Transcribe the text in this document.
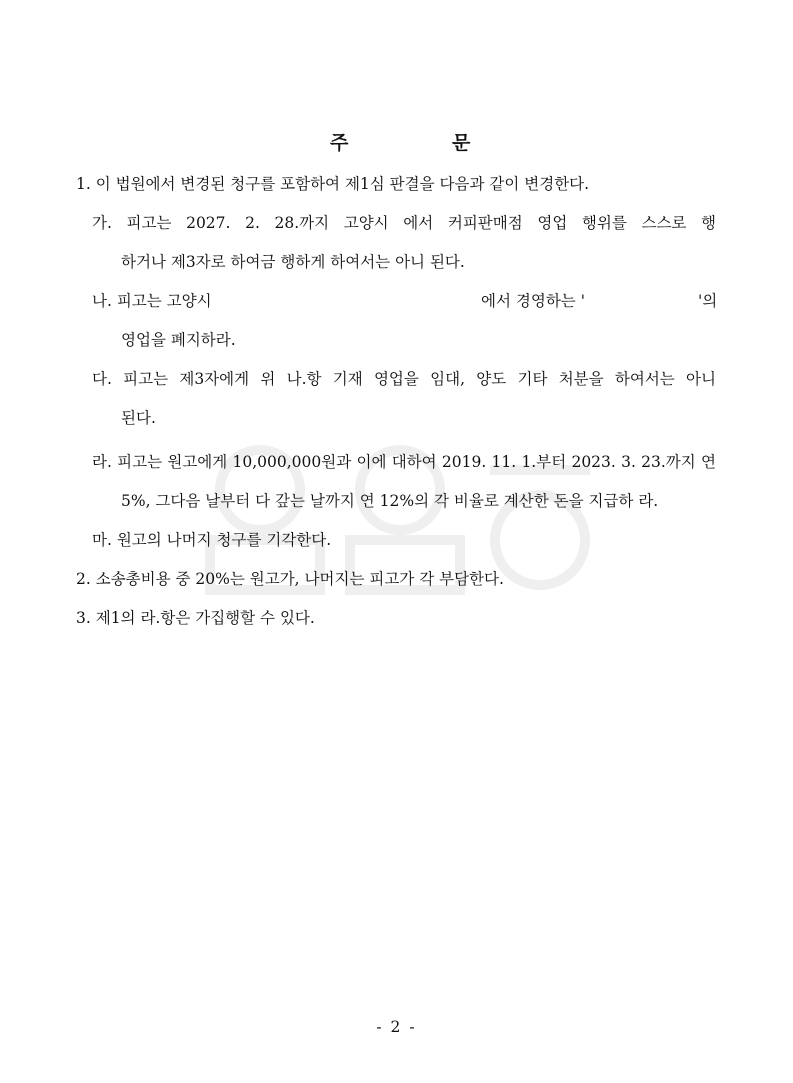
주	문
1. 이 법원에서 변경된 청구를 포함하여 제1심 판결을 다음과 같이 변경한다.
가. 피고는 2027. 2. 28.까지 고양시 에서 커피판매점 영업 행위를 스스로 행
하거나 제3자로 하여금 행하게 하여서는 아니 된다.
나. 피고는 고양시	에서 경영하는 '	'의
영업을 폐지하라.
다. 피고는 제3자에게 위 나.항 기재 영업을 임대, 양도 기타 처분을 하여서는 아니
된다.
라. 피고는 원고에게 10,000,000원과 이에 대하여 2019. 11. 1.부터 2023. 3. 23.까지 연
5%, 그다음 날부터 다 갚는 날까지 연 12%의 각 비율로 계산한 돈을 지급하 라.
마. 원고의 나머지 청구를 기각한다.
2. 소송총비용 중 20%는 원고가, 나머지는 피고가 각 부담한다.
3. 제1의 라.항은 가집행할 수 있다.
- 2 -
